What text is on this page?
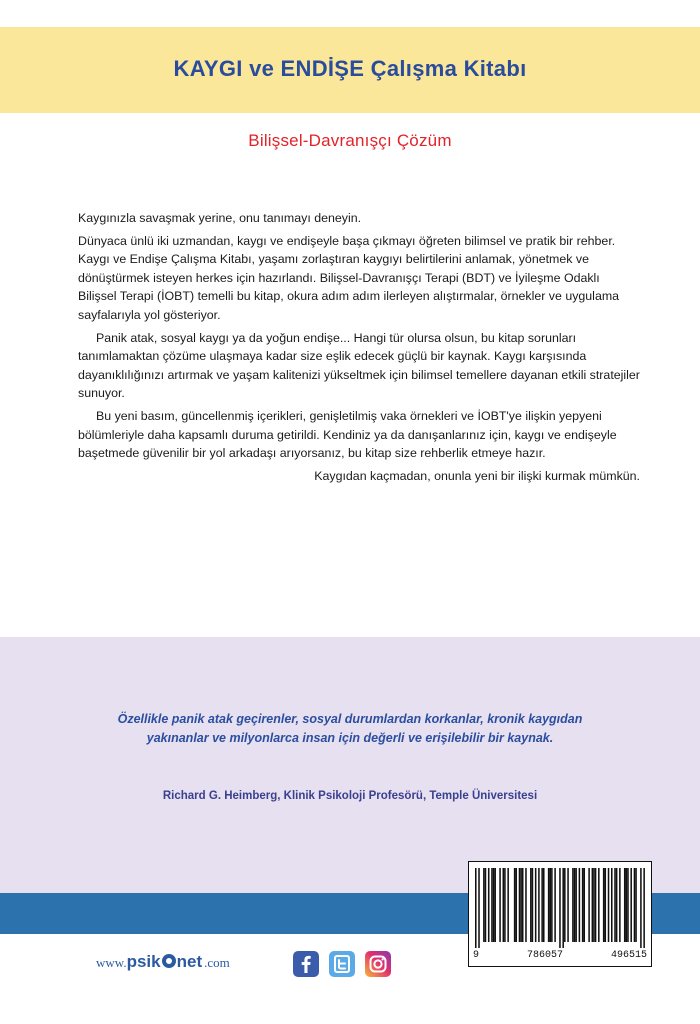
KAYGI ve ENDİŞE Çalışma Kitabı
Bilişsel-Davranışçı Çözüm

Kaygınızla savaşmak yerine, onu tanımayı deneyin.

Dünyaca ünlü iki uzmandan, kaygı ve endişeyle başa çıkmayı öğreten bilimsel ve pratik bir rehber. Kaygı ve Endişe Çalışma Kitabı, yaşamı zorlaştıran kaygıyı belirtilerini anlamak, yönetmek ve dönüştürmek isteyen herkes için hazırlandı. Bilişsel-Davranışçı Terapi (BDT) ve İyileşme Odaklı Bilişsel Terapi (İOBT) temelli bu kitap, okura adım adım ilerleyen alıştırmalar, örnekler ve uygulama sayfalarıyla yol gösteriyor.

Panik atak, sosyal kaygı ya da yoğun endişe... Hangi tür olursa olsun, bu kitap sorunları tanımlamaktan çözüme ulaşmaya kadar size eşlik edecek güçlü bir kaynak. Kaygı karşısında dayanıklılığınızı artırmak ve yaşam kalitenizi yükseltmek için bilimsel temellere dayanan etkili stratejiler sunuyor.

Bu yeni basım, güncellenmiş içerikleri, genişletilmiş vaka örnekleri ve İOBT'ye ilişkin yepyeni bölümleriyle daha kapsamlı duruma getirildi. Kendiniz ya da danışanlarınız için, kaygı ve endişeyle başetmede güvenilir bir yol arkadaşı arıyorsanız, bu kitap size rehberlik etmeye hazır.

Kaygıdan kaçmadan, onunla yeni bir ilişki kurmak mümkün.

Özellikle panik atak geçirenler, sosyal durumlardan korkanlar, kronik kaygıdan yakınanlar ve milyonlarca insan için değerli ve erişilebilir bir kaynak.
Richard G. Heimberg, Klinik Psikoloji Profesörü, Temple Üniversitesi
9	786057	496515
www. psik net .com
